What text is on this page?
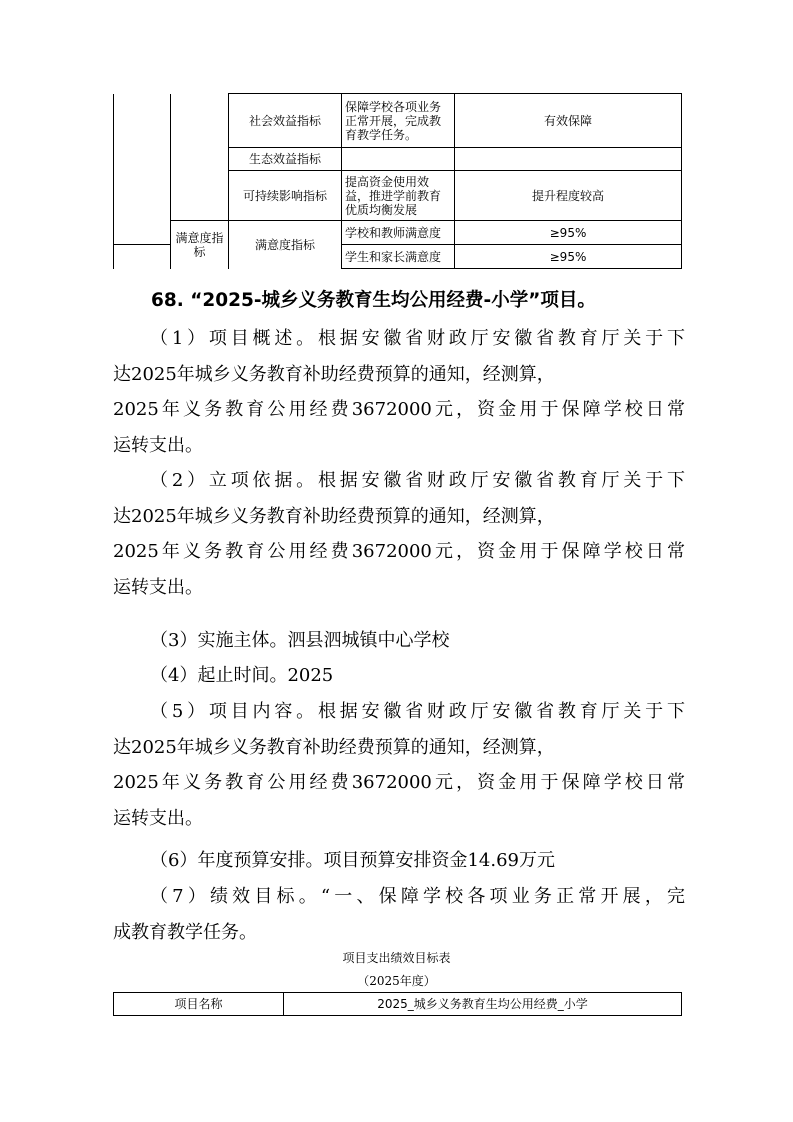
		社会效益指标	保障学校各项业务正常开展，完成教育教学任务。	有效保障
		生态效益指标		
		可持续影响指标	提高资金使用效益，推进学前教育优质均衡发展	提升程度较高
	满意度指标	满意度指标	学校和教师满意度	≥95%
			学生和家长满意度	≥95%
68. “2025-城乡义务教育生均公用经费-小学”项目。
（1）项目概述。根据安徽省财政厅安徽省教育厅关于下
达2025年城乡义务教育补助经费预算的通知，经测算，
2025年义务教育公用经费3672000元，资金用于保障学校日常
运转支出。
（2）立项依据。根据安徽省财政厅安徽省教育厅关于下
达2025年城乡义务教育补助经费预算的通知，经测算，
2025年义务教育公用经费3672000元，资金用于保障学校日常
运转支出。
（3）实施主体。泗县泗城镇中心学校
（4）起止时间。2025
（5）项目内容。根据安徽省财政厅安徽省教育厅关于下
达2025年城乡义务教育补助经费预算的通知，经测算，
2025年义务教育公用经费3672000元，资金用于保障学校日常
运转支出。
（6）年度预算安排。项目预算安排资金14.69万元
（7）绩效目标。“一、保障学校各项业务正常开展，完
成教育教学任务。
项目支出绩效目标表
（2025年度）
项目名称	2025_城乡义务教育生均公用经费_小学
